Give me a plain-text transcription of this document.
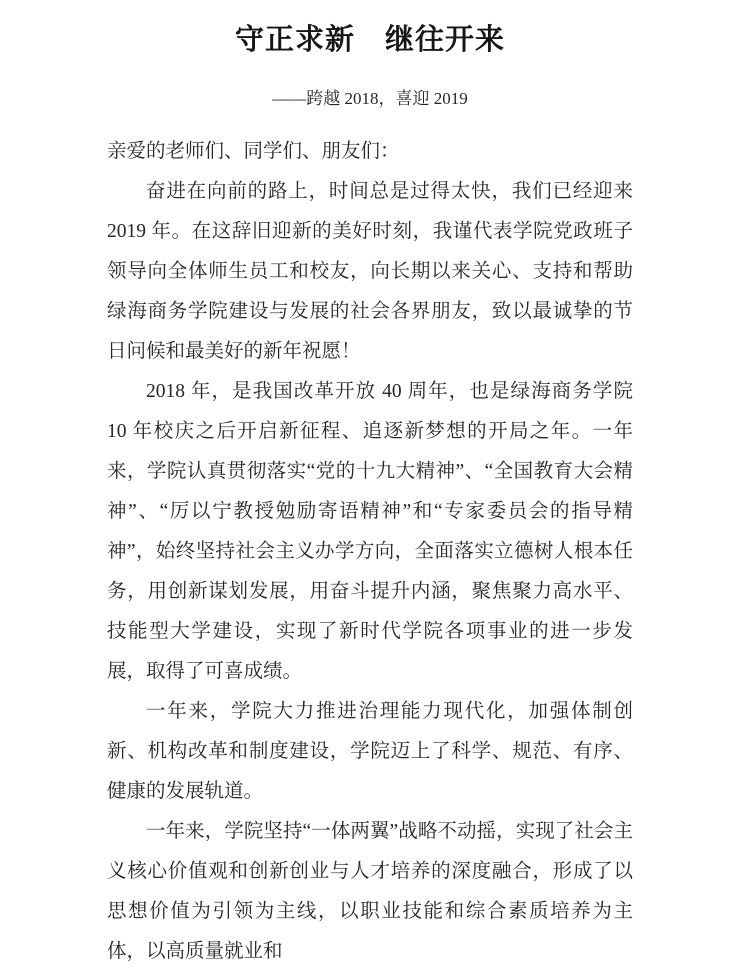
守正求新　继往开来
——跨越 2018，喜迎 2019

亲爱的老师们、同学们、朋友们：

奋进在向前的路上，时间总是过得太快，我们已经迎来 2019 年。在这辞旧迎新的美好时刻，我谨代表学院党政班子领导向全体师生员工和校友，向长期以来关心、支持和帮助绿海商务学院建设与发展的社会各界朋友，致以最诚挚的节日问候和最美好的新年祝愿！

2018 年，是我国改革开放 40 周年，也是绿海商务学院 10 年校庆之后开启新征程、追逐新梦想的开局之年。一年来，学院认真贯彻落实“党的十九大精神”、“全国教育大会精神”、“厉以宁教授勉励寄语精神”和“专家委员会的指导精神”，始终坚持社会主义办学方向，全面落实立德树人根本任务，用创新谋划发展，用奋斗提升内涵，聚焦聚力高水平、技能型大学建设，实现了新时代学院各项事业的进一步发展，取得了可喜成绩。

一年来，学院大力推进治理能力现代化，加强体制创新、机构改革和制度建设，学院迈上了科学、规范、有序、健康的发展轨道。

一年来，学院坚持“一体两翼”战略不动摇，实现了社会主义核心价值观和创新创业与人才培养的深度融合，形成了以思想价值为引领为主线，以职业技能和综合素质培养为主体，以高质量就业和
